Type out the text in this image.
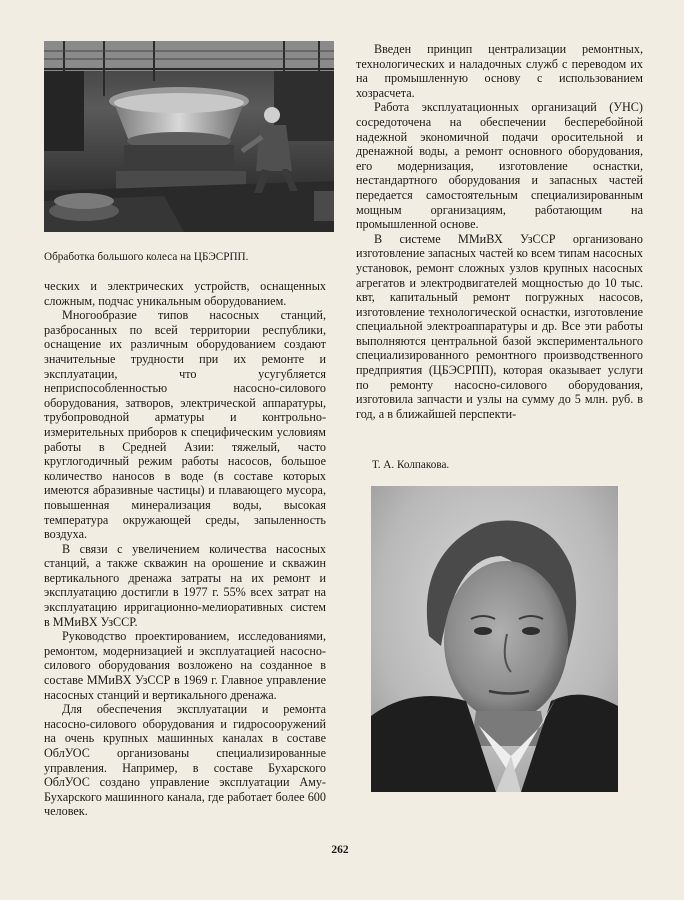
Обработка большого колеса на ЦБЭСРПП.

ческих и электрических устройств, оснащенных сложным, подчас уникальным оборудованием.

Многообразие типов насосных станций, разбросанных по всей территории республики, оснащение их различным оборудованием создают значительные трудности при их ремонте и эксплуатации, что усугубляется неприспособленностью насосно-силового оборудования, затворов, электрической аппаратуры, трубопроводной арматуры и контрольно-измерительных приборов к специфическим условиям работы в Средней Азии: тяжелый, часто круглогодичный режим работы насосов, большое количество наносов в воде (в составе которых имеются абразивные частицы) и плавающего мусора, повышенная минерализация воды, высокая температура окружающей среды, запыленность воздуха.

В связи с увеличением количества насосных станций, а также скважин на орошение и скважин вертикального дренажа затраты на их ремонт и эксплуатацию достигли в 1977 г. 55% всех затрат на эксплуатацию ирригационно-мелиоративных систем в ММиВХ УзССР.

Руководство проектированием, исследованиями, ремонтом, модернизацией и эксплуатацией насосно-силового оборудования возложено на созданное в составе ММиВХ УзССР в 1969 г. Главное управление насосных станций и вертикального дренажа.

Для обеспечения эксплуатации и ремонта насосно-силового оборудования и гидросооружений на очень крупных машинных каналах в составе ОблУОС организованы специализированные управления. Например, в составе Бухарского ОблУОС создано управление эксплуатации Аму-Бухарского машинного канала, где работает более 600 человек.

Введен принцип централизации ремонтных, технологических и наладочных служб с переводом их на промышленную основу с использованием хозрасчета.

Работа эксплуатационных организаций (УНС) сосредоточена на обеспечении бесперебойной надежной экономичной подачи оросительной и дренажной воды, а ремонт основного оборудования, его модернизация, изготовление оснастки, нестандартного оборудования и запасных частей передается самостоятельным специализированным мощным организациям, работающим на промышленной основе.

В системе ММиВХ УзССР организовано изготовление запасных частей ко всем типам насосных установок, ремонт сложных узлов крупных насосных агрегатов и электродвигателей мощностью до 10 тыс. квт, капитальный ремонт погружных насосов, изготовление технологической оснастки, изготовление специальной электроаппаратуры и др. Все эти работы выполняются центральной базой экспериментального специализированного ремонтного производственного предприятия (ЦБЭСРПП), которая оказывает услуги по ремонту насосно-силового оборудования, изготовила запчасти и узлы на сумму до 5 млн. руб. в год, а в ближайшей перспекти-

Т. А. Колпакова.

262
